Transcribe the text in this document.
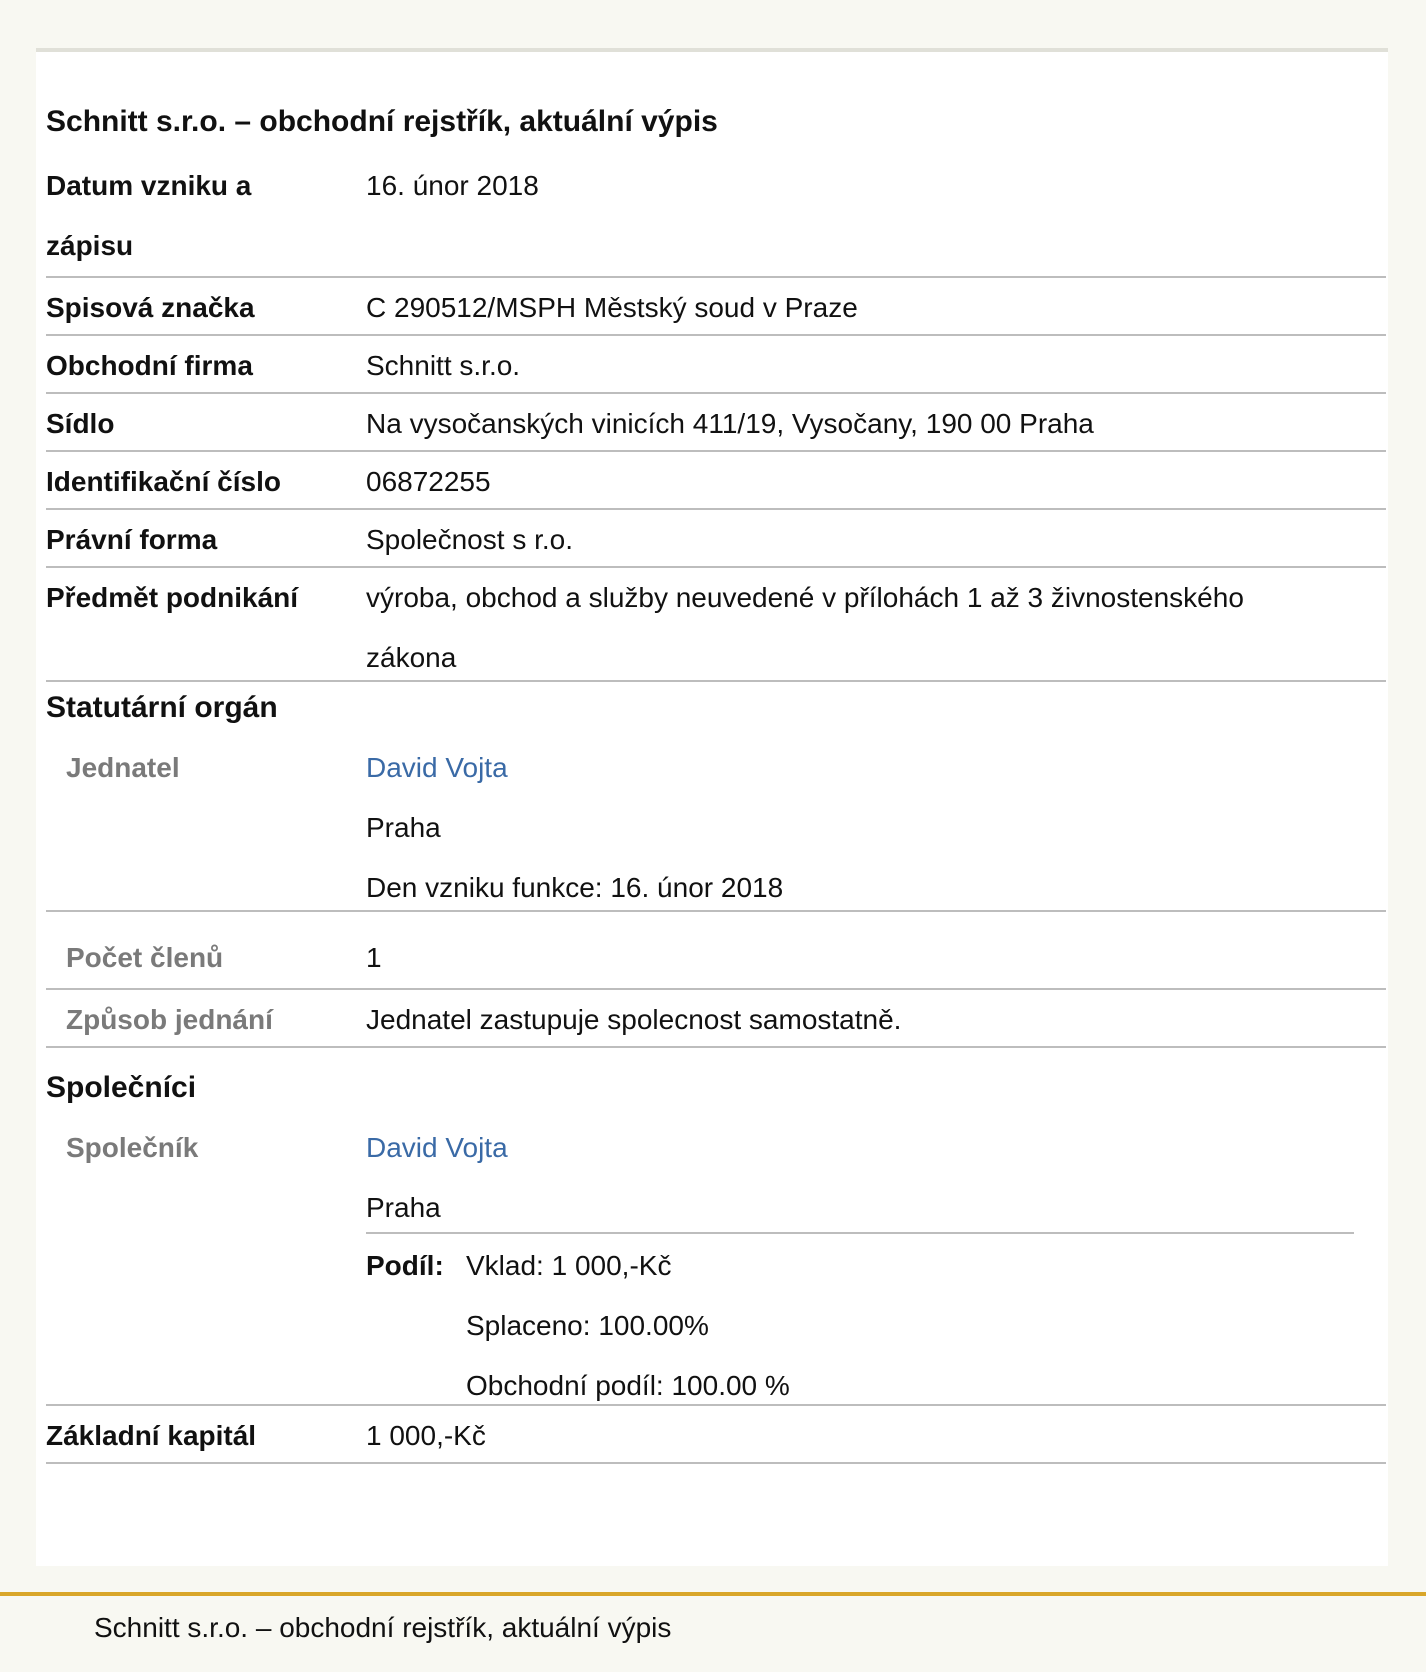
Schnitt s.r.o. – obchodní rejstřík, aktuální výpis
Datum vzniku a
zápisu
16. únor 2018
Spisová značka	C 290512/MSPH Městský soud v Praze
Obchodní firma	Schnitt s.r.o.
Sídlo	Na vysočanských vinicích 411/19, Vysočany, 190 00 Praha
Identifikační číslo	06872255
Právní forma	Společnost s r.o.
Předmět podnikání	výroba, obchod a služby neuvedené v přílohách 1 až 3 živnostenského
zákona
Statutární orgán
Jednatel	David Vojta
Praha
Den vzniku funkce: 16. únor 2018
Počet členů	1
Způsob jednání	Jednatel zastupuje spolecnost samostatně.
Společníci
Společník	David Vojta
Praha
Podíl: Vklad: 1 000,-Kč
Splaceno: 100.00%
Obchodní podíl: 100.00 %
Základní kapitál	1 000,-Kč
Schnitt s.r.o. – obchodní rejstřík, aktuální výpis
